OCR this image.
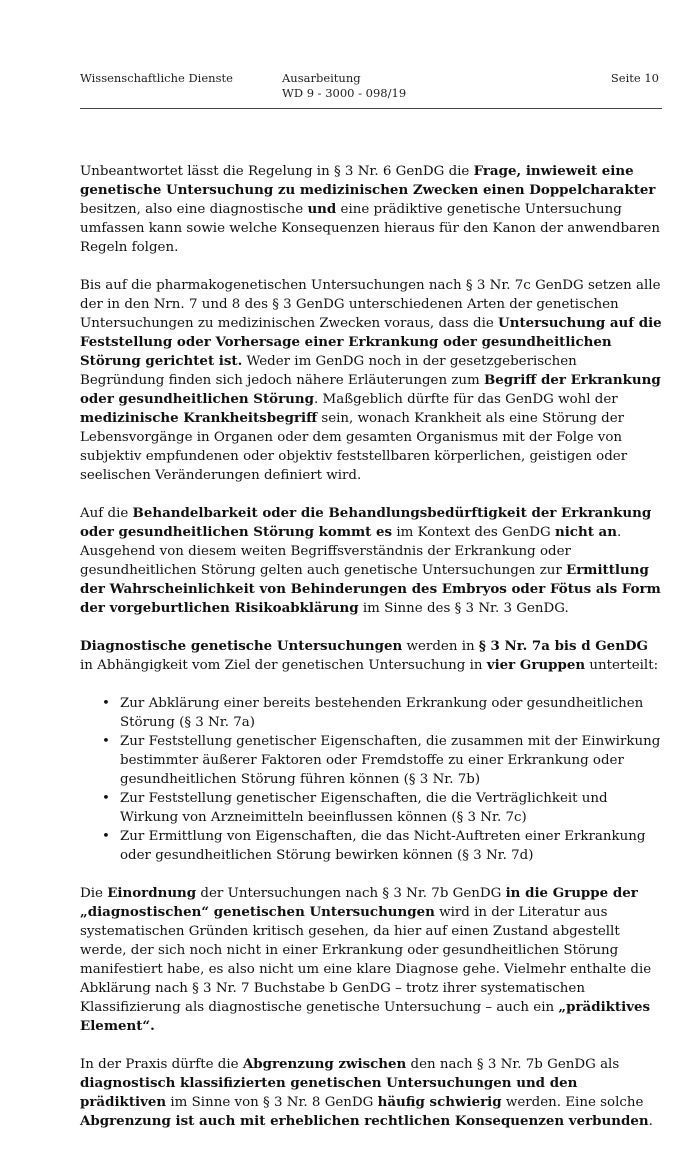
Wissenschaftliche Dienste	Ausarbeitung
WD 9 - 3000 - 098/19
Seite 10

Unbeantwortet lässt die Regelung in § 3 Nr. 6 GenDG die Frage, inwieweit eine genetische Untersuchung zu medizinischen Zwecken einen Doppelcharakter besitzen, also eine diagnostische und eine prädiktive genetische Untersuchung umfassen kann sowie welche Konsequenzen hieraus für den Kanon der anwendbaren Regeln folgen.

Bis auf die pharmakogenetischen Untersuchungen nach § 3 Nr. 7c GenDG setzen alle der in den Nrn. 7 und 8 des § 3 GenDG unterschiedenen Arten der genetischen Untersuchungen zu medizinischen Zwecken voraus, dass die Untersuchung auf die Feststellung oder Vorhersage einer Erkrankung oder gesundheitlichen Störung gerichtet ist. Weder im GenDG noch in der gesetzgeberischen Begründung finden sich jedoch nähere Erläuterungen zum Begriff der Erkrankung oder gesundheitlichen Störung. Maßgeblich dürfte für das GenDG wohl der medizinische Krankheitsbegriff sein, wonach Krankheit als eine Störung der Lebensvorgänge in Organen oder dem gesamten Organismus mit der Folge von subjektiv empfundenen oder objektiv feststellbaren körperlichen, geistigen oder seelischen Veränderungen definiert wird.

Auf die Behandelbarkeit oder die Behandlungsbedürftigkeit der Erkrankung oder gesundheitlichen Störung kommt es im Kontext des GenDG nicht an. Ausgehend von diesem weiten Begriffsverständnis der Erkrankung oder gesundheitlichen Störung gelten auch genetische Untersuchungen zur Ermittlung der Wahrscheinlichkeit von Behinderungen des Embryos oder Fötus als Form der vorgeburtlichen Risikoabklärung im Sinne des § 3 Nr. 3 GenDG.

Diagnostische genetische Untersuchungen werden in § 3 Nr. 7a bis d GenDG in Abhängigkeit vom Ziel der genetischen Untersuchung in vier Gruppen unterteilt:

• Zur Abklärung einer bereits bestehenden Erkrankung oder gesundheitlichen Störung (§ 3 Nr. 7a)
• Zur Feststellung genetischer Eigenschaften, die zusammen mit der Einwirkung bestimmter äußerer Faktoren oder Fremdstoffe zu einer Erkrankung oder gesundheitlichen Störung führen können (§ 3 Nr. 7b)
• Zur Feststellung genetischer Eigenschaften, die die Verträglichkeit und Wirkung von Arzneimitteln beeinflussen können (§ 3 Nr. 7c)
• Zur Ermittlung von Eigenschaften, die das Nicht-Auftreten einer Erkrankung oder gesundheitlichen Störung bewirken können (§ 3 Nr. 7d)

Die Einordnung der Untersuchungen nach § 3 Nr. 7b GenDG in die Gruppe der „diagnostischen“ genetischen Untersuchungen wird in der Literatur aus systematischen Gründen kritisch gesehen, da hier auf einen Zustand abgestellt werde, der sich noch nicht in einer Erkrankung oder gesundheitlichen Störung manifestiert habe, es also nicht um eine klare Diagnose gehe. Vielmehr enthalte die Abklärung nach § 3 Nr. 7 Buchstabe b GenDG – trotz ihrer systematischen Klassifizierung als diagnostische genetische Untersuchung – auch ein „prädiktives Element“.

In der Praxis dürfte die Abgrenzung zwischen den nach § 3 Nr. 7b GenDG als diagnostisch klassifizierten genetischen Untersuchungen und den prädiktiven im Sinne von § 3 Nr. 8 GenDG häufig schwierig werden. Eine solche Abgrenzung ist auch mit erheblichen rechtlichen Konsequenzen verbunden.
